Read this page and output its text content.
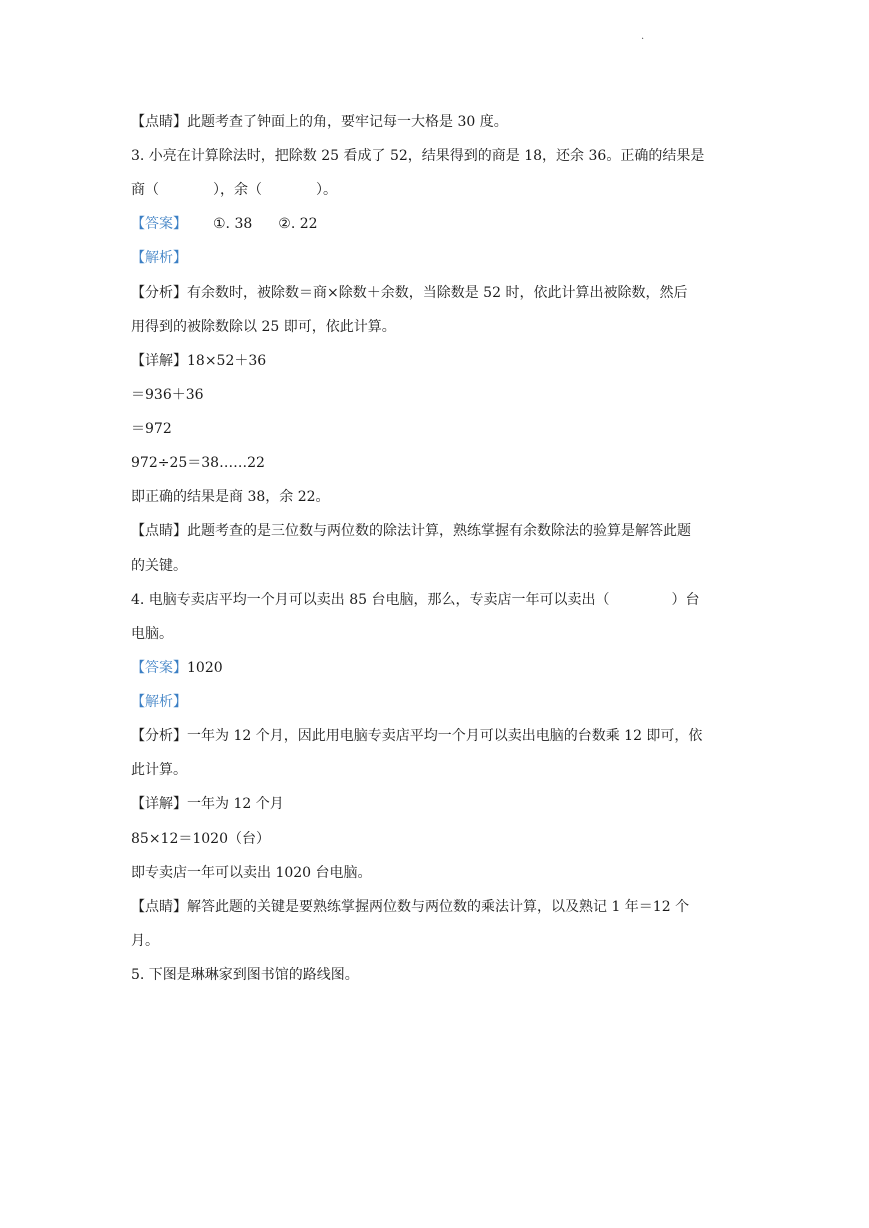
.
【点睛】此题考查了钟面上的角，要牢记每一大格是 30 度。
3. 小亮在计算除法时，把除数 25 看成了 52，结果得到的商是 18，还余 36。正确的结果是
商（	），余（	）。
【答案】 ①. 38 ②. 22
【解析】
【分析】有余数时，被除数＝商×除数＋余数，当除数是 52 时，依此计算出被除数，然后
用得到的被除数除以 25 即可，依此计算。
【详解】18×52＋36
＝936＋36
＝972
972÷25＝38……22
即正确的结果是商 38，余 22。
【点睛】此题考查的是三位数与两位数的除法计算，熟练掌握有余数除法的验算是解答此题
的关键。
4. 电脑专卖店平均一个月可以卖出 85 台电脑，那么，专卖店一年可以卖出（	）台
电脑。
【答案】1020
【解析】
【分析】一年为 12 个月，因此用电脑专卖店平均一个月可以卖出电脑的台数乘 12 即可，依
此计算。
【详解】一年为 12 个月
85×12＝1020（台）
即专卖店一年可以卖出 1020 台电脑。
【点睛】解答此题的关键是要熟练掌握两位数与两位数的乘法计算，以及熟记 1 年＝12 个
月。
5. 下图是琳琳家到图书馆的路线图。
